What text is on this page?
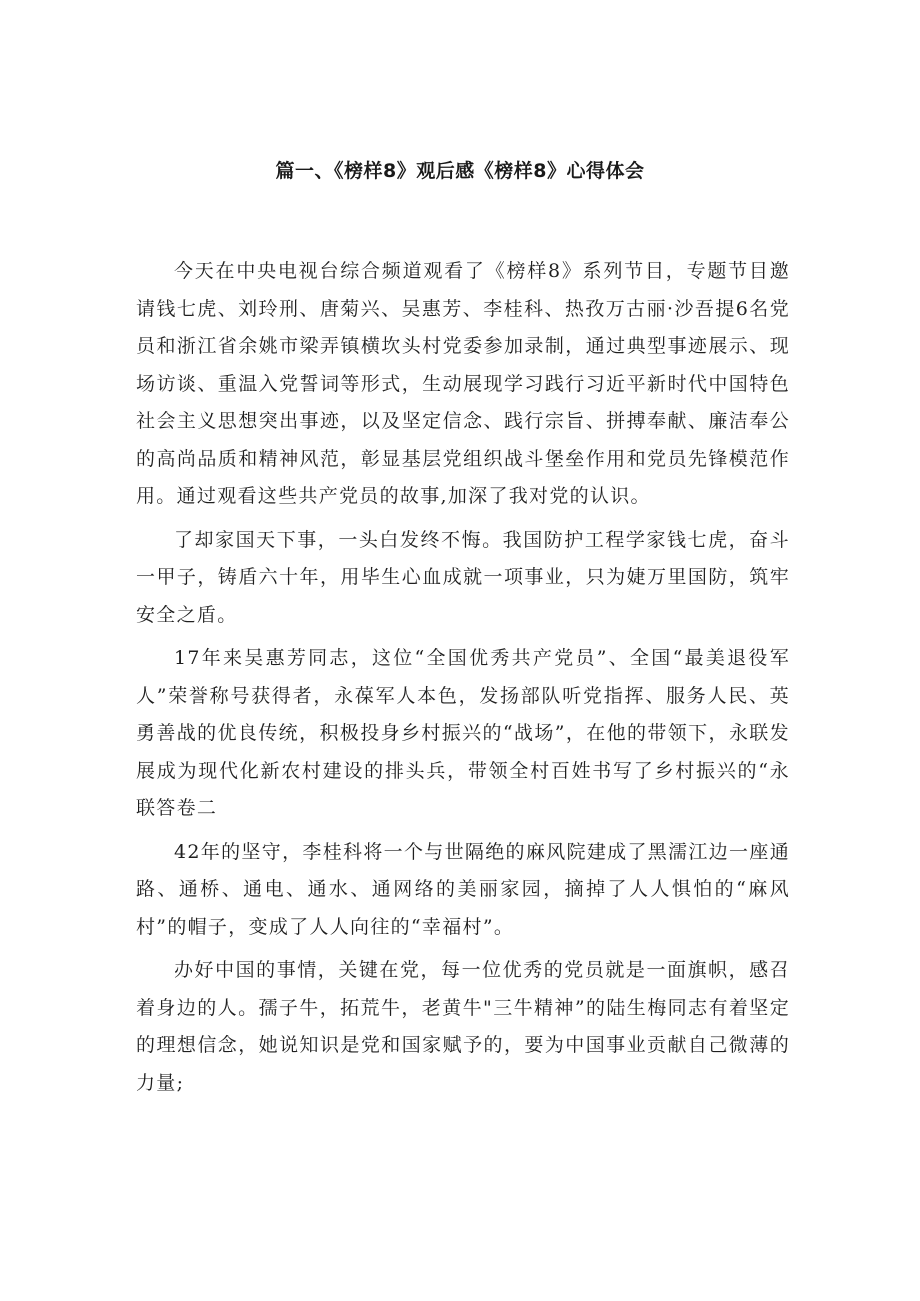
篇一、《榜样8》观后感《榜样8》心得体会

今天在中央电视台综合频道观看了《榜样8》系列节目，专题节目邀请钱七虎、刘玲刑、唐菊兴、吴惠芳、李桂科、热孜万古丽·沙吾提6名党员和浙江省余姚市梁弄镇横坎头村党委参加录制，通过典型事迹展示、现场访谈、重温入党誓词等形式，生动展现学习践行习近平新时代中国特色社会主义思想突出事迹，以及坚定信念、践行宗旨、拼搏奉献、廉洁奉公的高尚品质和精神风范，彰显基层党组织战斗堡垒作用和党员先锋模范作用。通过观看这些共产党员的故事,加深了我对党的认识。

了却家国天下事，一头白发终不悔。我国防护工程学家钱七虎，奋斗一甲子，铸盾六十年，用毕生心血成就一项事业，只为婕万里国防，筑牢安全之盾。

17年来吴惠芳同志，这位“全国优秀共产党员”、全国“最美退役军人”荣誉称号获得者，永葆军人本色，发扬部队听党指挥、服务人民、英勇善战的优良传统，积极投身乡村振兴的“战场”，在他的带领下，永联发展成为现代化新农村建设的排头兵，带领全村百姓书写了乡村振兴的“永联答卷二

42年的坚守，李桂科将一个与世隔绝的麻风院建成了黑濡江边一座通路、通桥、通电、通水、通网络的美丽家园，摘掉了人人惧怕的“麻风村”的帽子，变成了人人向往的“幸福村”。

办好中国的事情，关键在党，每一位优秀的党员就是一面旗帜，感召着身边的人。孺子牛，拓荒牛，老黄牛"三牛精神”的陆生梅同志有着坚定的理想信念，她说知识是党和国家赋予的，要为中国事业贡献自己微薄的力量;
